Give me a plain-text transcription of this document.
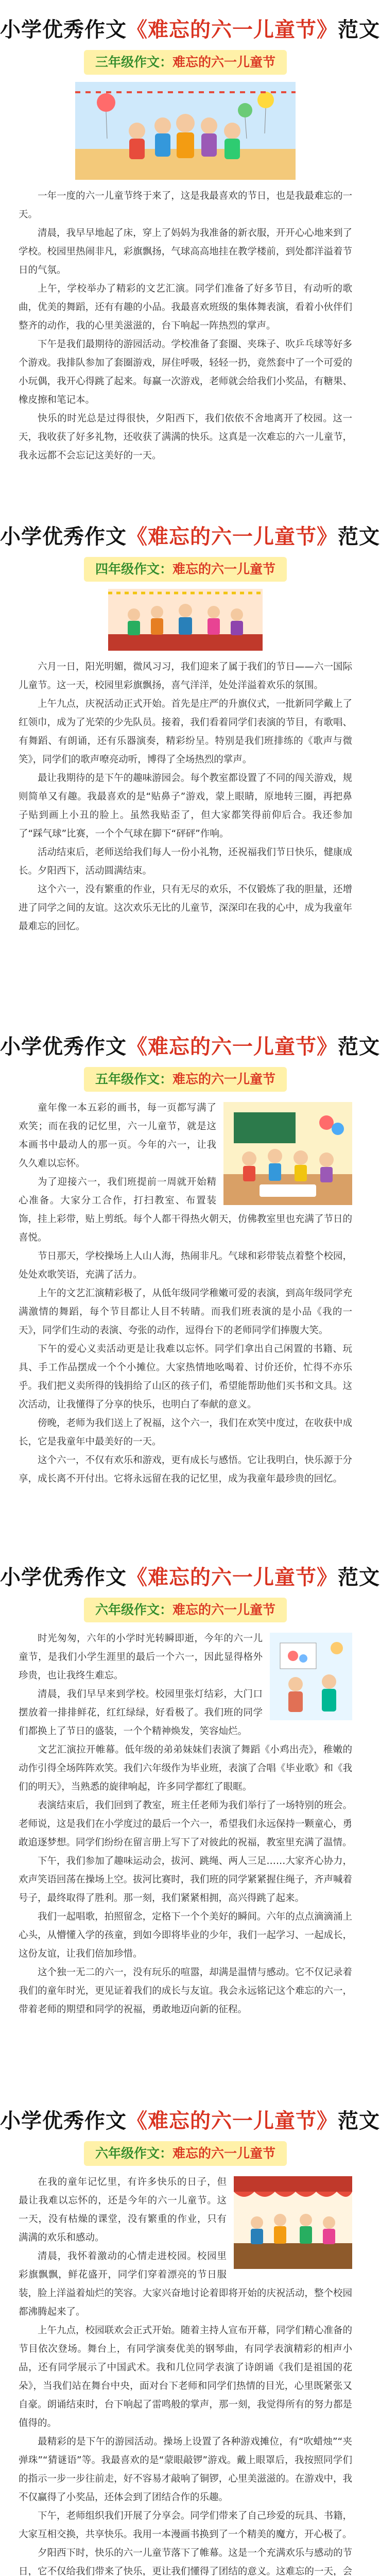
小学优秀作文《难忘的六一儿童节》范文
三年级作文：难忘的六一儿童节

一年一度的六一儿童节终于来了，这是我最喜欢的节日，也是我最难忘的一天。

清晨，我早早地起了床，穿上了妈妈为我准备的新衣服，开开心心地来到了学校。校园里热闹非凡，彩旗飘扬，气球高高地挂在教学楼前，到处都洋溢着节日的气氛。

上午，学校举办了精彩的文艺汇演。同学们准备了好多节目，有动听的歌曲，优美的舞蹈，还有有趣的小品。我最喜欢班级的集体舞表演，看着小伙伴们整齐的动作，我的心里美滋滋的，台下响起一阵热烈的掌声。

下午是我们最期待的游园活动。学校准备了套圈、夹珠子、吹乒乓球等好多个游戏。我排队参加了套圈游戏，屏住呼吸，轻轻一扔，竟然套中了一个可爱的小玩偶，我开心得跳了起来。每赢一次游戏，老师就会给我们小奖品，有糖果、橡皮擦和笔记本。

快乐的时光总是过得很快，夕阳西下，我们依依不舍地离开了校园。这一天，我收获了好多礼物，还收获了满满的快乐。这真是一次难忘的六一儿童节，我永远都不会忘记这美好的一天。

小学优秀作文《难忘的六一儿童节》范文
四年级作文：难忘的六一儿童节

六月一日，阳光明媚，微风习习，我们迎来了属于我们的节日——六一国际儿童节。这一天，校园里彩旗飘扬，喜气洋洋，处处洋溢着欢乐的氛围。

上午九点，庆祝活动正式开始。首先是庄严的升旗仪式，一批新同学戴上了红领巾，成为了光荣的少先队员。接着，我们看着同学们表演的节目，有歌唱、有舞蹈、有朗诵，还有乐器演奏，精彩纷呈。特别是我们班排练的《歌声与微笑》，同学们的歌声嘹亮动听，博得了全场热烈的掌声。

最让我期待的是下午的趣味游园会。每个教室都设置了不同的闯关游戏，规则简单又有趣。我最喜欢的是“贴鼻子”游戏，蒙上眼睛，原地转三圈，再把鼻子贴到画上小丑的脸上。虽然我贴歪了，但大家都笑得前仰后合。我还参加了“踩气球”比赛，一个个气球在脚下“砰砰”作响。

活动结束后，老师送给我们每人一份小礼物，还祝福我们节日快乐，健康成长。夕阳西下，活动圆满结束。

这个六一，没有繁重的作业，只有无尽的欢乐，不仅锻炼了我的胆量，还增进了同学之间的友谊。这次欢乐无比的儿童节，深深印在我的心中，成为我童年最难忘的回忆。

小学优秀作文《难忘的六一儿童节》范文
五年级作文：难忘的六一儿童节

童年像一本五彩的画书，每一页都写满了欢笑；而在我的记忆里，六一儿童节，就是这本画书中最动人的那一页。今年的六一，让我久久难以忘怀。

为了迎接六一，我们班提前一周就开始精心准备。大家分工合作，打扫教室、布置装饰，挂上彩带，贴上剪纸。每个人都干得热火朝天，仿佛教室里也充满了节日的喜悦。

节日那天，学校操场上人山人海，热闹非凡。气球和彩带装点着整个校园，处处欢歌笑语，充满了活力。

上午的文艺汇演精彩极了，从低年级同学稚嫩可爱的表演，到高年级同学充满激情的舞蹈，每个节目都让人目不转睛。而我们班表演的是小品《我的一天》，同学们生动的表演、夸张的动作，逗得台下的老师同学们捧腹大笑。

下午的爱心义卖活动更是让我难以忘怀。同学们拿出自己闲置的书籍、玩具、手工作品摆成一个个小摊位。大家热情地吆喝着、讨价还价，忙得不亦乐乎。我们把义卖所得的钱捐给了山区的孩子们，希望能帮助他们买书和文具。这次活动，让我懂得了分享的快乐，也明白了奉献的意义。

傍晚，老师为我们送上了祝福，这个六一，我们在欢笑中度过，在收获中成长，它是我童年中最美好的一天。

这个六一，不仅有欢乐和游戏，更有成长与感悟。它让我明白，快乐源于分享，成长离不开付出。它将永远留在我的记忆里，成为我童年最珍贵的回忆。

小学优秀作文《难忘的六一儿童节》范文
六年级作文：难忘的六一儿童节

时光匆匆，六年的小学时光转瞬即逝，今年的六一儿童节，是我们小学生涯里的最后一个六一，因此显得格外珍贵，也让我终生难忘。

清晨，我们早早来到学校。校园里张灯结彩，大门口摆放着一排排鲜花，红红绿绿，好看极了。我们班的同学们都换上了节日的盛装，一个个精神焕发，笑容灿烂。

文艺汇演拉开帷幕。低年级的弟弟妹妹们表演了舞蹈《小鸡出壳》，稚嫩的动作引得全场阵阵欢笑。我们六年级作为毕业班，表演了合唱《毕业歌》和《我们的明天》，当熟悉的旋律响起，许多同学都红了眼眶。

表演结束后，我们回到了教室，班主任老师为我们举行了一场特别的班会。老师说，这是我们在小学度过的最后一个六一，希望我们永远保持一颗童心，勇敢追逐梦想。同学们纷纷在留言册上写下了对彼此的祝福，教室里充满了温情。

下午，我们参加了趣味运动会，拔河、跳绳、两人三足……大家齐心协力，欢声笑语回荡在操场上空。拔河比赛时，我们班的同学紧紧握住绳子，齐声喊着号子，最终取得了胜利。那一刻，我们紧紧相拥，高兴得跳了起来。

我们一起唱歌，拍照留念，定格下一个个美好的瞬间。六年的点点滴滴涌上心头，从懵懂入学的孩童，到如今即将毕业的少年，我们一起学习、一起成长，这份友谊，让我们倍加珍惜。

这个独一无二的六一，没有玩乐的喧嚣，却满是温情与感动。它不仅记录着我们的童年时光，更见证着我们的成长与友谊。我会永远铭记这个难忘的六一，带着老师的期望和同学的祝福，勇敢地迈向新的征程。

小学优秀作文《难忘的六一儿童节》范文
六年级作文：难忘的六一儿童节

在我的童年记忆里，有许多快乐的日子，但最让我难以忘怀的，还是今年的六一儿童节。这一天，没有枯燥的课堂，没有繁重的作业，只有满满的欢乐和感动。

清晨，我怀着激动的心情走进校园。校园里彩旗飘飘，鲜花盛开，同学们穿着漂亮的节日服装，脸上洋溢着灿烂的笑容。大家兴奋地讨论着即将开始的庆祝活动，整个校园都沸腾起来了。

上午九点，校园联欢会正式开始。随着主持人宣布开幕，同学们精心准备的节目依次登场。舞台上，有同学演奏优美的钢琴曲，有同学表演精彩的相声小品，还有同学展示了中国武术。我和几位同学表演了诗朗诵《我们是祖国的花朵》，当我们站在舞台中央，面对台下老师和同学们热情的目光，心里既紧张又自豪。朗诵结束时，台下响起了雷鸣般的掌声，那一刻，我觉得所有的努力都是值得的。

最精彩的是下午的游园活动。操场上设置了各种游戏摊位，有“吹蜡烛”“夹弹珠”“猜谜语”等。我最喜欢的是“蒙眼敲锣”游戏。戴上眼罩后，我按照同学们的指示一步一步往前走，好不容易才敲响了铜锣，心里美滋滋的。在游戏中，我不仅赢得了小奖品，还体会到了团结合作的乐趣。

下午，老师组织我们开展了分享会。同学们带来了自己珍爱的玩具、书籍，大家互相交换，共享快乐。我用一本漫画书换到了一个精美的魔方，开心极了。

夕阳西下时，快乐的六一儿童节落下了帷幕。这是一个充满欢乐与感动的节日，它不仅给我们带来了快乐，更让我们懂得了团结的意义。这难忘的一天，会
